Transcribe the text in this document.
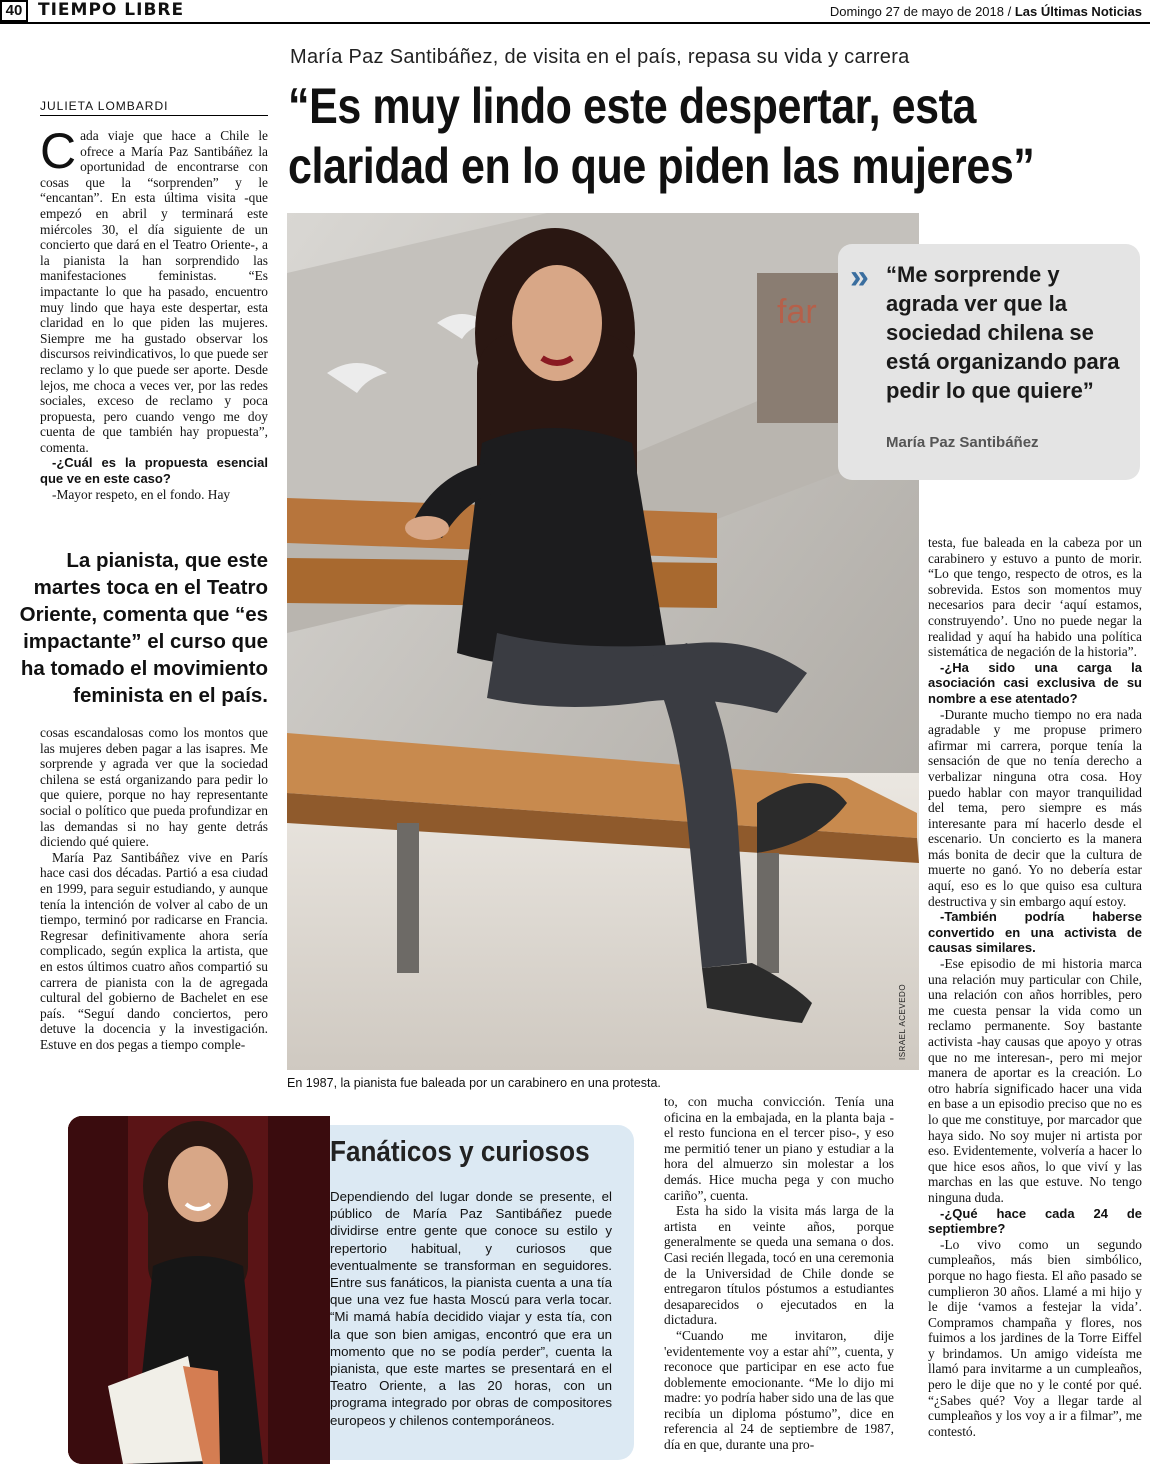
40 TIEMPO LIBRE	Domingo 27 de mayo de 2018 / Las Últimas Noticias
María Paz Santibáñez, de visita en el país, repasa su vida y carrera
“Es muy lindo este despertar, esta claridad en lo que piden las mujeres”
JULIETA LOMBARDI

Cada viaje que hace a Chile le ofrece a María Paz Santibáñez la oportunidad de encontrarse con cosas que la “sorprenden” y le “encantan”. En esta última visita -que empezó en abril y terminará este miércoles 30, el día siguiente de un concierto que dará en el Teatro Oriente-, a la pianista la han sorprendido las manifestaciones feministas. “Es impactante lo que ha pasado, encuentro muy lindo que haya este despertar, esta claridad en lo que piden las mujeres. Siempre me ha gustado observar los discursos reivindicativos, lo que puede ser reclamo y lo que puede ser aporte. Desde lejos, me choca a veces ver, por las redes sociales, exceso de reclamo y poca propuesta, pero cuando vengo me doy cuenta de que también hay propuesta”, comenta.

-¿Cuál es la propuesta esencial que ve en este caso?

-Mayor respeto, en el fondo. Hay

La pianista, que este martes toca en el Teatro Oriente, comenta que “es impactante” el curso que ha tomado el movimiento feminista en el país.

cosas escandalosas como los montos que las mujeres deben pagar a las isapres. Me sorprende y agrada ver que la sociedad chilena se está organizando para pedir lo que quiere, porque no hay representante social o político que pueda profundizar en las demandas si no hay gente detrás diciendo qué quiere.

María Paz Santibáñez vive en París hace casi dos décadas. Partió a esa ciudad en 1999, para seguir estudiando, y aunque tenía la intención de volver al cabo de un tiempo, terminó por radicarse en Francia. Regresar definitivamente ahora sería complicado, según explica la artista, que en estos últimos cuatro años compartió su carrera de pianista con la de agregada cultural del gobierno de Bachelet en ese país. “Seguí dando conciertos, pero detuve la docencia y la investigación. Estuve en dos pegas a tiempo comple-

far
En 1987, la pianista fue baleada por un carabinero en una protesta.
ISRAEL ACEVEDO
» “Me sorprende y agrada ver que la sociedad chilena se está organizando para pedir lo que quiere”
María Paz Santibáñez

testa, fue baleada en la cabeza por un carabinero y estuvo a punto de morir. “Lo que tengo, respecto de otros, es la sobrevida. Estos son momentos muy necesarios para decir ‘aquí estamos, construyendo’. Uno no puede negar la realidad y aquí ha habido una política sistemática de negación de la historia”.

-¿Ha sido una carga la asociación casi exclusiva de su nombre a ese atentado?

-Durante mucho tiempo no era nada agradable y me propuse primero afirmar mi carrera, porque tenía la sensación de que no tenía derecho a verbalizar ninguna otra cosa. Hoy puedo hablar con mayor tranquilidad del tema, pero siempre es más interesante para mí hacerlo desde el escenario. Un concierto es la manera más bonita de decir que la cultura de muerte no ganó. Yo no debería estar aquí, eso es lo que quiso esa cultura destructiva y sin embargo aquí estoy.

-También podría haberse convertido en una activista de causas similares.

-Ese episodio de mi historia marca una relación muy particular con Chile, una relación con años horribles, pero me cuesta pensar la vida como un reclamo permanente. Soy bastante activista -hay causas que apoyo y otras que no me interesan-, pero mi mejor manera de aportar es la creación. Lo otro habría significado hacer una vida en base a un episodio preciso que no es lo que me constituye, por marcador que haya sido. No soy mujer ni artista por eso. Evidentemente, volvería a hacer lo que hice esos años, lo que viví y las marchas en las que estuve. No tengo ninguna duda.

-¿Qué hace cada 24 de septiembre?

-Lo vivo como un segundo cumpleaños, más bien simbólico, porque no hago fiesta. El año pasado se cumplieron 30 años. Llamé a mi hijo y le dije ‘vamos a festejar la vida’. Compramos champaña y flores, nos fuimos a los jardines de la Torre Eiffel y brindamos. Un amigo videísta me llamó para invitarme a un cumpleaños, pero le dije que no y le conté por qué. “¿Sabes qué? Voy a llegar tarde al cumpleaños y los voy a ir a filmar”, me contestó.

to, con mucha convicción. Tenía una oficina en la embajada, en la planta baja -el resto funciona en el tercer piso-, y eso me permitió tener un piano y estudiar a la hora del almuerzo sin molestar a los demás. Hice mucha pega y con mucho cariño”, cuenta.

Esta ha sido la visita más larga de la artista en veinte años, porque generalmente se queda una semana o dos. Casi recién llegada, tocó en una ceremonia de la Universidad de Chile donde se entregaron títulos póstumos a estudiantes desaparecidos o ejecutados en la dictadura.

“Cuando me invitaron, dije 'evidentemente voy a estar ahí'”, cuenta, y reconoce que participar en ese acto fue doblemente emocionante. “Me lo dijo mi madre: yo podría haber sido una de las que recibía un diploma póstumo”, dice en referencia al 24 de septiembre de 1987, día en que, durante una pro-

Fanáticos y curiosos
Dependiendo del lugar donde se presente, el público de María Paz Santibáñez puede dividirse entre gente que conoce su estilo y repertorio habitual, y curiosos que eventualmente se transforman en seguidores. Entre sus fanáticos, la pianista cuenta a una tía que una vez fue hasta Moscú para verla tocar. “Mi mamá había decidido viajar y esta tía, con la que son bien amigas, encontró que era un momento que no se podía perder”, cuenta la pianista, que este martes se presentará en el Teatro Oriente, a las 20 horas, con un programa integrado por obras de compositores europeos y chilenos contemporáneos.
